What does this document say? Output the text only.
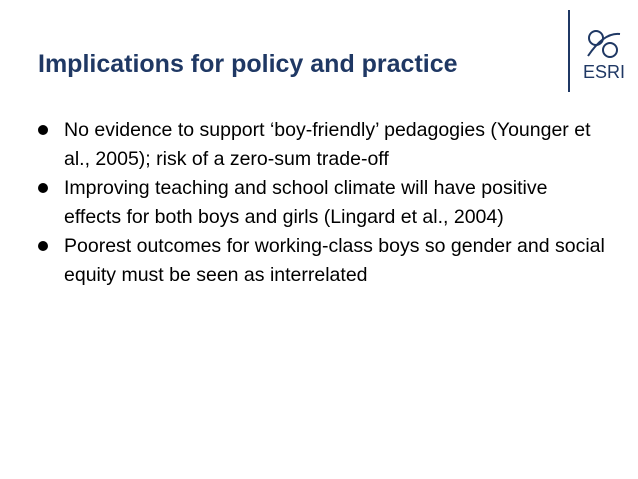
Implications for policy and practice	ESRI
No evidence to support ‘boy-friendly’ pedagogies (Younger et al., 2005); risk of a zero-sum trade-off
Improving teaching and school climate will have positive effects for both boys and girls (Lingard et al., 2004)
Poorest outcomes for working-class boys so gender and social equity must be seen as interrelated
